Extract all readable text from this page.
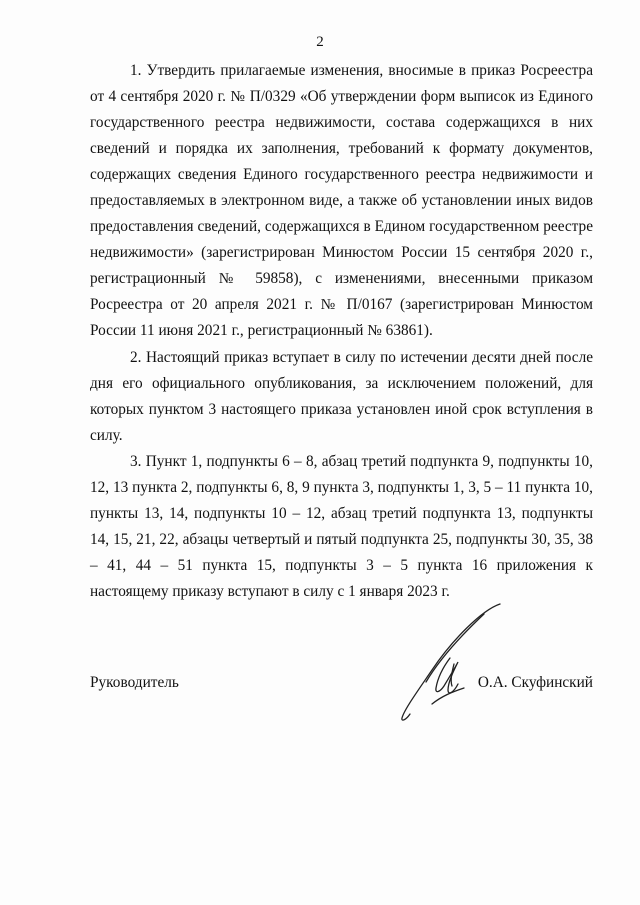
2

1. Утвердить прилагаемые изменения, вносимые в приказ Росреестра от 4 сентября 2020 г. № П/0329 «Об утверждении форм выписок из Единого государственного реестра недвижимости, состава содержащихся в них сведений и порядка их заполнения, требований к формату документов, содержащих сведения Единого государственного реестра недвижимости и предоставляемых в электронном виде, а также об установлении иных видов предоставления сведений, содержащихся в Едином государственном реестре недвижимости» (зарегистрирован Минюстом России 15 сентября 2020 г., регистрационный № 59858), с изменениями, внесенными приказом Росреестра от 20 апреля 2021 г. № П/0167 (зарегистрирован Минюстом России 11 июня 2021 г., регистрационный № 63861).

2. Настоящий приказ вступает в силу по истечении десяти дней после дня его официального опубликования, за исключением положений, для которых пунктом 3 настоящего приказа установлен иной срок вступления в силу.

3. Пункт 1, подпункты 6 – 8, абзац третий подпункта 9, подпункты 10, 12, 13 пункта 2, подпункты 6, 8, 9 пункта 3, подпункты 1, 3, 5 – 11 пункта 10, пункты 13, 14, подпункты 10 – 12, абзац третий подпункта 13, подпункты 14, 15, 21, 22, абзацы четвертый и пятый подпункта 25, подпункты 30, 35, 38 – 41, 44 – 51 пункта 15, подпункты 3 – 5 пункта 16 приложения к настоящему приказу вступают в силу с 1 января 2023 г.

Руководитель	О.А. Скуфинский
